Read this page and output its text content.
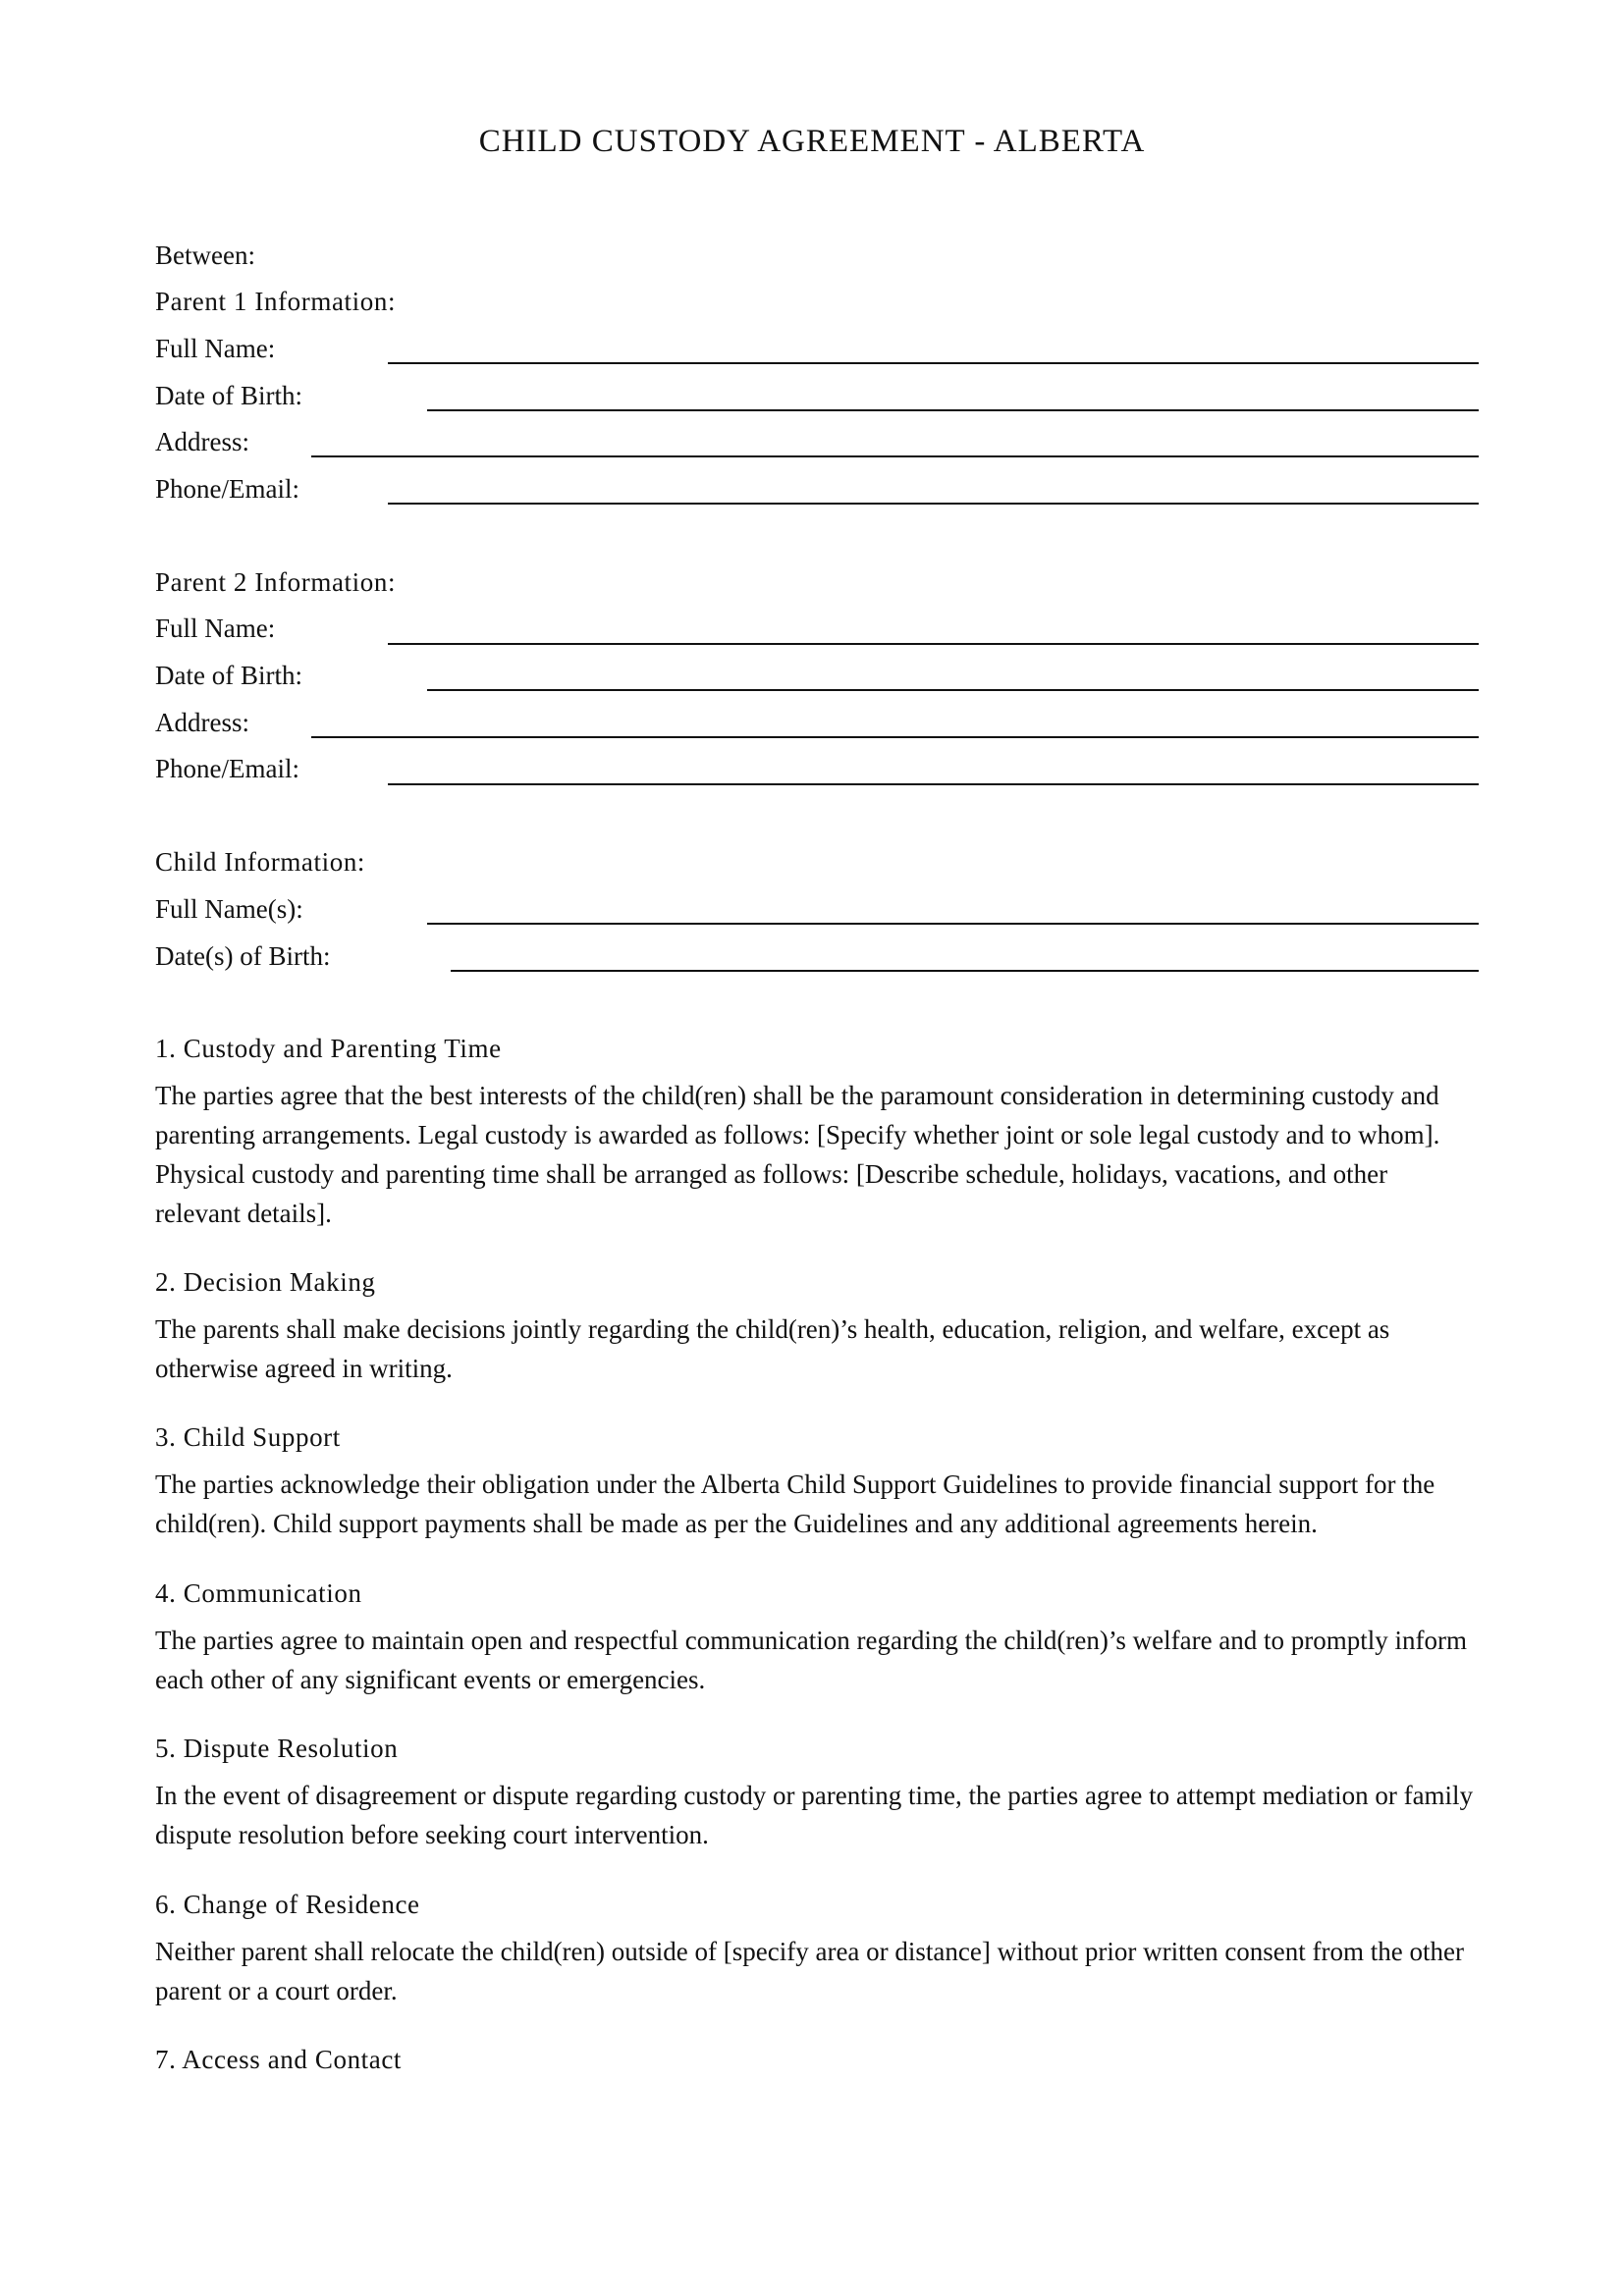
CHILD CUSTODY AGREEMENT - ALBERTA
Between:
Parent 1 Information:
Full Name:
Date of Birth:
Address:
Phone/Email:
Parent 2 Information:
Full Name:
Date of Birth:
Address:
Phone/Email:
Child Information:
Full Name(s):
Date(s) of Birth:
1. Custody and Parenting Time

The parties agree that the best interests of the child(ren) shall be the paramount consideration in determining custody and parenting arrangements. Legal custody is awarded as follows: [Specify whether joint or sole legal custody and to whom]. Physical custody and parenting time shall be arranged as follows: [Describe schedule, holidays, vacations, and other relevant details].

2. Decision Making

The parents shall make decisions jointly regarding the child(ren)’s health, education, religion, and welfare, except as otherwise agreed in writing.

3. Child Support

The parties acknowledge their obligation under the Alberta Child Support Guidelines to provide financial support for the child(ren). Child support payments shall be made as per the Guidelines and any additional agreements herein.

4. Communication

The parties agree to maintain open and respectful communication regarding the child(ren)’s welfare and to promptly inform each other of any significant events or emergencies.

5. Dispute Resolution

In the event of disagreement or dispute regarding custody or parenting time, the parties agree to attempt mediation or family dispute resolution before seeking court intervention.

6. Change of Residence

Neither parent shall relocate the child(ren) outside of [specify area or distance] without prior written consent from the other parent or a court order.

7. Access and Contact
